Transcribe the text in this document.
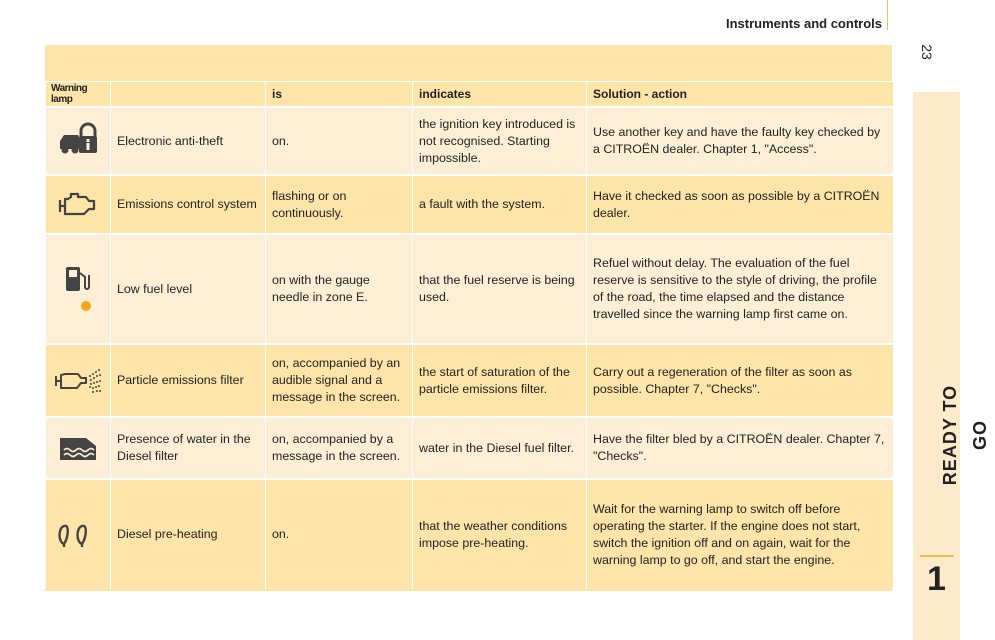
Instruments and controls
23
READY TO GO
1
Warning lamp		is	indicates	Solution - action

	Electronic anti-theft	on.	the ignition key introduced is not recognised. Starting impossible.	Use another key and have the faulty key checked by a CITROËN dealer. Chapter 1, "Access".

	Emissions control system	flashing or on continuously.	a fault with the system.	Have it checked as soon as possible by a CITROËN dealer.

	Low fuel level	on with the gauge needle in zone E.	that the fuel reserve is being used.	Refuel without delay. The evaluation of the fuel reserve is sensitive to the style of driving, the profile of the road, the time elapsed and the distance travelled since the warning lamp first came on.

	Particle emissions filter	on, accompanied by an audible signal and a message in the screen.	the start of saturation of the particle emissions filter.	Carry out a regeneration of the filter as soon as possible. Chapter 7, "Checks".

	Presence of water in the Diesel filter	on, accompanied by a message in the screen.	water in the Diesel fuel filter.	Have the filter bled by a CITROËN dealer. Chapter 7, "Checks".

	Diesel pre-heating	on.	that the weather conditions impose pre-heating.	Wait for the warning lamp to switch off before operating the starter. If the engine does not start, switch the ignition off and on again, wait for the warning lamp to go off, and start the engine.
